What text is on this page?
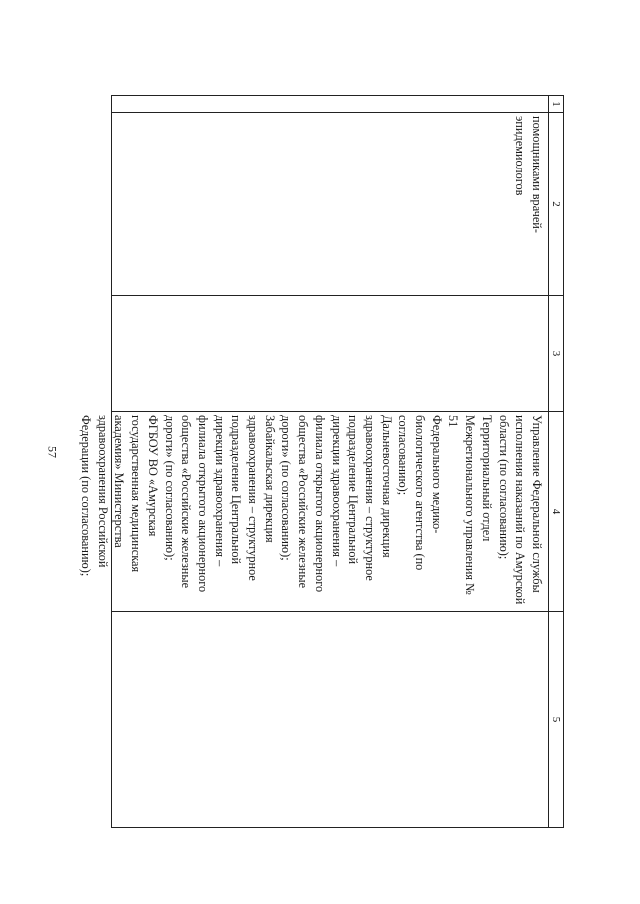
57
1
2
3
4
5
помощниками врачей-
эпидемиологов
Управление Федеральной службы
исполнения наказаний по Амурской
области (по согласованию);
Территориальный отдел
Межрегионального управления № 51
Федерального медико-
биологического агентства (по
согласованию);
Дальневосточная дирекция
здравоохранения – структурное
подразделение Центральной
дирекции здравоохранения –
филиала открытого акционерного
общества «Российские железные
дороги» (по согласованию);
Забайкальская дирекция
здравоохранения – структурное
подразделение Центральной
дирекции здравоохранения –
филиала открытого акционерного
общества «Российские железные
дороги» (по согласованию);
ФГБОУ ВО «Амурская
государственная медицинская
академия» Министерства
здравоохранения Российской
Федерации (по согласованию);
